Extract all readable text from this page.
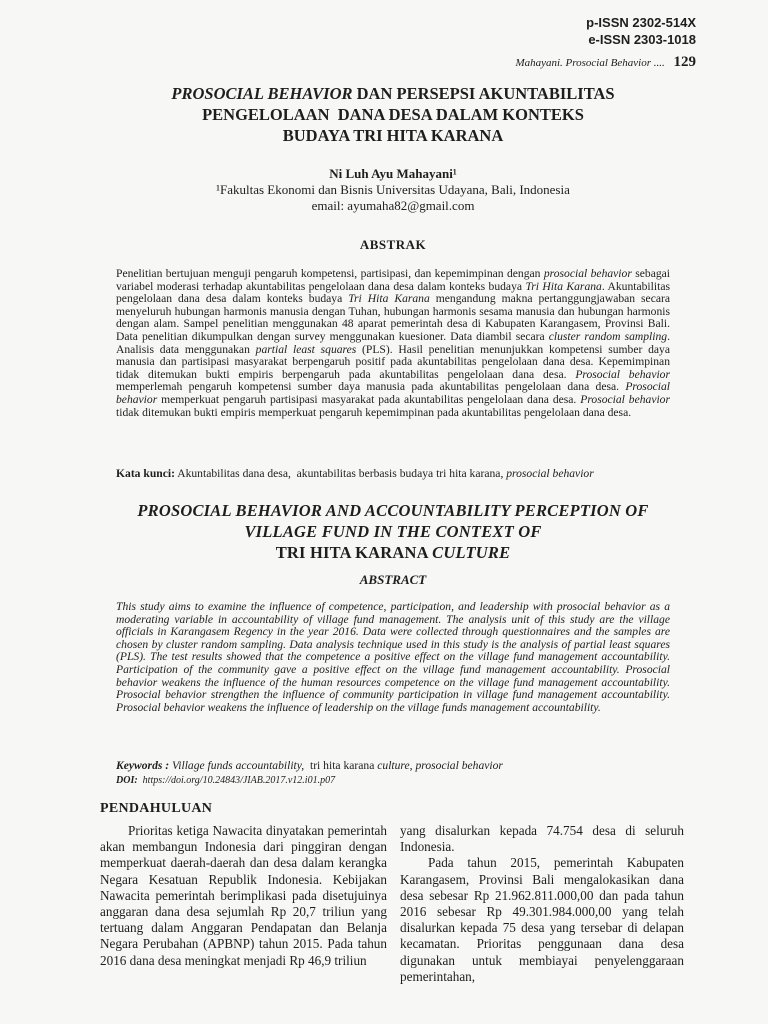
p-ISSN 2302-514X
e-ISSN 2303-1018
Mahayani. Prosocial Behavior .... 129
PROSOCIAL BEHAVIOR DAN PERSEPSI AKUNTABILITAS
PENGELOLAAN  DANA DESA DALAM KONTEKS
BUDAYA TRI HITA KARANA
Ni Luh Ayu Mahayani¹
¹Fakultas Ekonomi dan Bisnis Universitas Udayana, Bali, Indonesia
email: ayumaha82@gmail.com
ABSTRAK
Penelitian bertujuan menguji pengaruh kompetensi, partisipasi, dan kepemimpinan dengan prosocial behavior sebagai variabel moderasi terhadap akuntabilitas pengelolaan dana desa dalam konteks budaya Tri Hita Karana. Akuntabilitas pengelolaan dana desa dalam konteks budaya Tri Hita Karana mengandung makna pertanggungjawaban secara menyeluruh hubungan harmonis manusia dengan Tuhan, hubungan harmonis sesama manusia dan hubungan harmonis dengan alam. Sampel penelitian menggunakan 48 aparat pemerintah desa di Kabupaten Karangasem, Provinsi Bali. Data penelitian dikumpulkan dengan survey menggunakan kuesioner. Data diambil secara cluster random sampling. Analisis data menggunakan partial least squares (PLS). Hasil penelitian menunjukkan kompetensi sumber daya manusia dan partisipasi masyarakat berpengaruh positif pada akuntabilitas pengelolaan dana desa. Kepemimpinan tidak ditemukan bukti empiris berpengaruh pada akuntabilitas pengelolaan dana desa. Prosocial behavior memperlemah pengaruh kompetensi sumber daya manusia pada akuntabilitas pengelolaan dana desa. Prosocial behavior memperkuat pengaruh partisipasi masyarakat pada akuntabilitas pengelolaan dana desa. Prosocial behavior tidak ditemukan bukti empiris memperkuat pengaruh kepemimpinan pada akuntabilitas pengelolaan dana desa.
Kata kunci: Akuntabilitas dana desa,  akuntabilitas berbasis budaya tri hita karana, prosocial behavior
PROSOCIAL BEHAVIOR AND ACCOUNTABILITY PERCEPTION OF
VILLAGE FUND IN THE CONTEXT OF
TRI HITA KARANA CULTURE
ABSTRACT
This study aims to examine the influence of competence, participation, and leadership with prosocial behavior as a moderating variable in accountability of village fund management. The analysis unit of this study are the village officials in Karangasem Regency in the year 2016. Data were collected through questionnaires and the samples are chosen by cluster random sampling. Data analysis technique used in this study is the analysis of partial least squares (PLS). The test results showed that the competence a positive effect on the village fund management accountability. Participation of the community gave a positive effect on the village fund management accountability. Prosocial behavior weakens the influence of the human resources competence on the village fund management accountability. Prosocial behavior strengthen the influence of community participation in village fund management accountability. Prosocial behavior weakens the influence of leadership on the village funds management accountability.
Keywords : Village funds accountability,  tri hita karana culture, prosocial behavior
DOI:  https://doi.org/10.24843/JIAB.2017.v12.i01.p07
PENDAHULUAN

Prioritas ketiga Nawacita dinyatakan pemerintah akan membangun Indonesia dari pinggiran dengan memperkuat daerah-daerah dan desa dalam kerangka Negara Kesatuan Republik Indonesia. Kebijakan Nawacita pemerintah berimplikasi pada disetujuinya anggaran dana desa sejumlah Rp 20,7 triliun yang tertuang dalam Anggaran Pendapatan dan Belanja Negara Perubahan (APBNP) tahun 2015. Pada tahun 2016 dana desa meningkat menjadi Rp 46,9 triliun

yang disalurkan kepada 74.754 desa di seluruh Indonesia.

Pada tahun 2015, pemerintah Kabupaten Karangasem, Provinsi Bali mengalokasikan dana desa sebesar Rp 21.962.811.000,00 dan pada tahun 2016 sebesar Rp 49.301.984.000,00 yang telah disalurkan kepada 75 desa yang tersebar di delapan kecamatan. Prioritas penggunaan dana desa digunakan untuk membiayai penyelenggaraan pemerintahan,
